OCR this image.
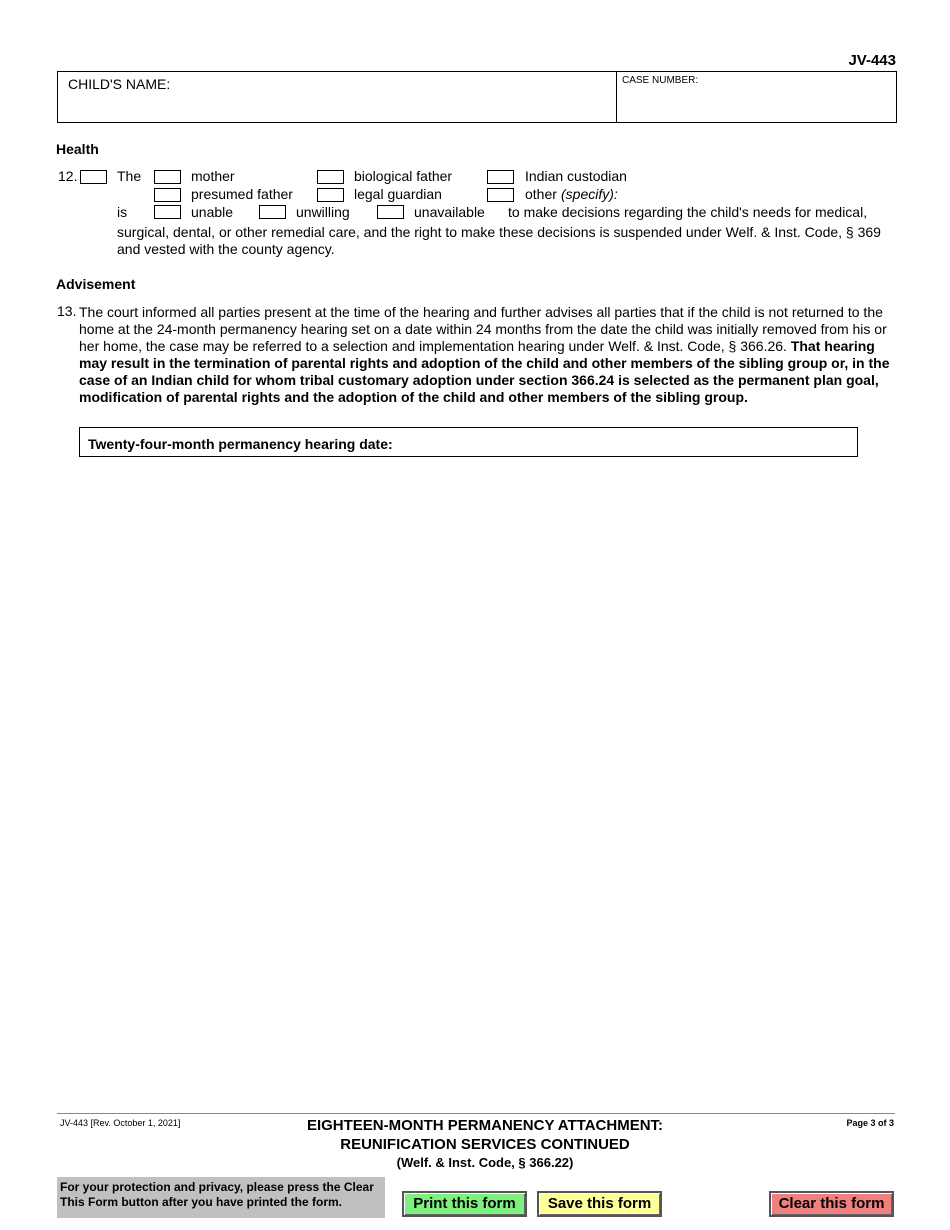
JV-443
CHILD'S NAME:	CASE NUMBER:
Health
12.	The	mother	biological father	Indian custodian
presumed father	legal guardian	other (specify):
is	unable	unwilling	unavailable to make decisions regarding the child's needs for medical,
surgical, dental, or other remedial care, and the right to make these decisions is suspended under Welf. & Inst. Code, § 369 and vested with the county agency.
Advisement
13. The court informed all parties present at the time of the hearing and further advises all parties that if the child is not returned to the home at the 24-month permanency hearing set on a date within 24 months from the date the child was initially removed from his or her home, the case may be referred to a selection and implementation hearing under Welf. & Inst. Code, § 366.26. That hearing may result in the termination of parental rights and adoption of the child and other members of the sibling group or, in the case of an Indian child for whom tribal customary adoption under section 366.24 is selected as the permanent plan goal, modification of parental rights and the adoption of the child and other members of the sibling group.
Twenty-four-month permanency hearing date:
JV-443 [Rev. October 1, 2021]	EIGHTEEN-MONTH PERMANENCY ATTACHMENT:
REUNIFICATION SERVICES CONTINUED
(Welf. & Inst. Code, § 366.22)
Page 3 of 3
For your protection and privacy, please press the Clear This Form button after you have printed the form.	Print this form	Save this form	Clear this form
